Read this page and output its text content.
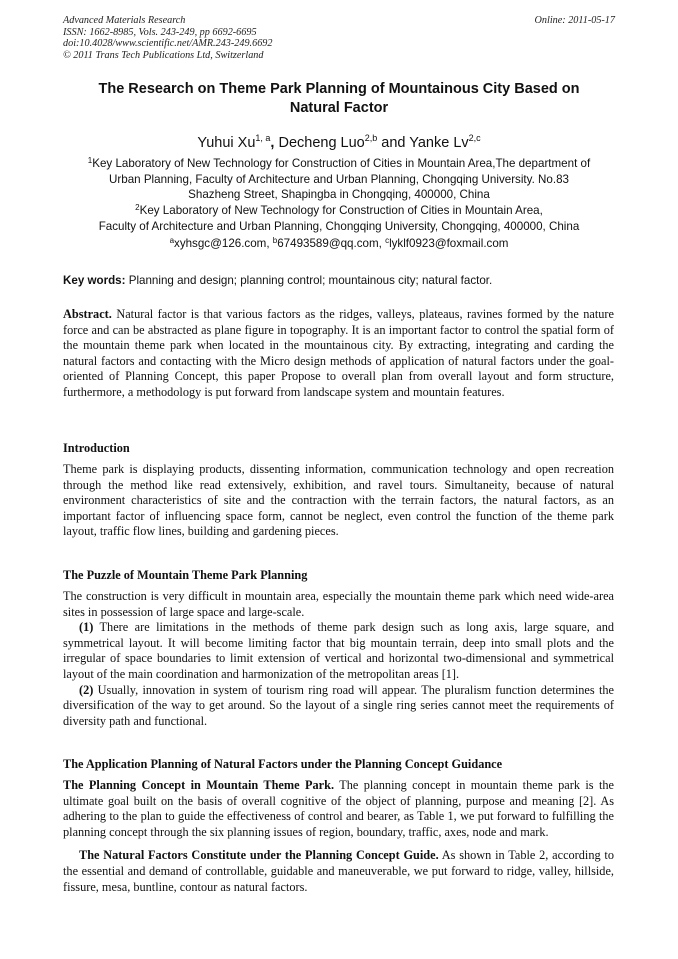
Advanced Materials Research
ISSN: 1662-8985, Vols. 243-249, pp 6692-6695
doi:10.4028/www.scientific.net/AMR.243-249.6692
© 2011 Trans Tech Publications Ltd, Switzerland
Online: 2011-05-17
The Research on Theme Park Planning of Mountainous City Based on
Natural Factor
Yuhui Xu$^{1, a}$, Decheng Luo$^{2,b}$ and Yanke Lv$^{2,c}$
$^1$Key Laboratory of New Technology for Construction of Cities in Mountain Area,The department of
Urban Planning, Faculty of Architecture and Urban Planning, Chongqing University. No.83
Shazheng Street, Shapingba in Chongqing, 400000, China
$^2$Key Laboratory of New Technology for Construction of Cities in Mountain Area,
Faculty of Architecture and Urban Planning, Chongqing University, Chongqing, 400000, China
$^a$xyhsgc@126.com, $^b$67493589@qq.com, $^c$lyklf0923@foxmail.com
Key words: Planning and design; planning control; mountainous city; natural factor.

Abstract. Natural factor is that various factors as the ridges, valleys, plateaus, ravines formed by the nature force and can be abstracted as plane figure in topography. It is an important factor to control the spatial form of the mountain theme park when located in the mountainous city. By extracting, integrating and carding the natural factors and contacting with the Micro design methods of application of natural factors under the goal-oriented of Planning Concept, this paper Propose to overall plan from overall layout and form structure, furthermore, a methodology is put forward from landscape system and mountain features.

Introduction

Theme park is displaying products, dissenting information, communication technology and open recreation through the method like read extensively, exhibition, and ravel tours. Simultaneity, because of natural environment characteristics of site and the contraction with the terrain factors, the natural factors, as an important factor of influencing space form, cannot be neglect, even control the function of the theme park layout, traffic flow lines, building and gardening pieces.

The Puzzle of Mountain Theme Park Planning

The construction is very difficult in mountain area, especially the mountain theme park which need wide-area sites in possession of large space and large-scale.

(1) There are limitations in the methods of theme park design such as long axis, large square, and symmetrical layout. It will become limiting factor that big mountain terrain, deep into small plots and the irregular of space boundaries to limit extension of vertical and horizontal two-dimensional and symmetrical layout of the main coordination and harmonization of the metropolitan areas [1].

(2) Usually, innovation in system of tourism ring road will appear. The pluralism function determines the diversification of the way to get around. So the layout of a single ring series cannot meet the requirements of diversity path and functional.

The Application Planning of Natural Factors under the Planning Concept Guidance

The Planning Concept in Mountain Theme Park. The planning concept in mountain theme park is the ultimate goal built on the basis of overall cognitive of the object of planning, purpose and meaning [2]. As adhering to the plan to guide the effectiveness of control and bearer, as Table 1, we put forward to fulfilling the planning concept through the six planning issues of region, boundary, traffic, axes, node and mark.

The Natural Factors Constitute under the Planning Concept Guide. As shown in Table 2, according to the essential and demand of controllable, guidable and maneuverable, we put forward to ridge, valley, hillside, fissure, mesa, buntline, contour as natural factors.
